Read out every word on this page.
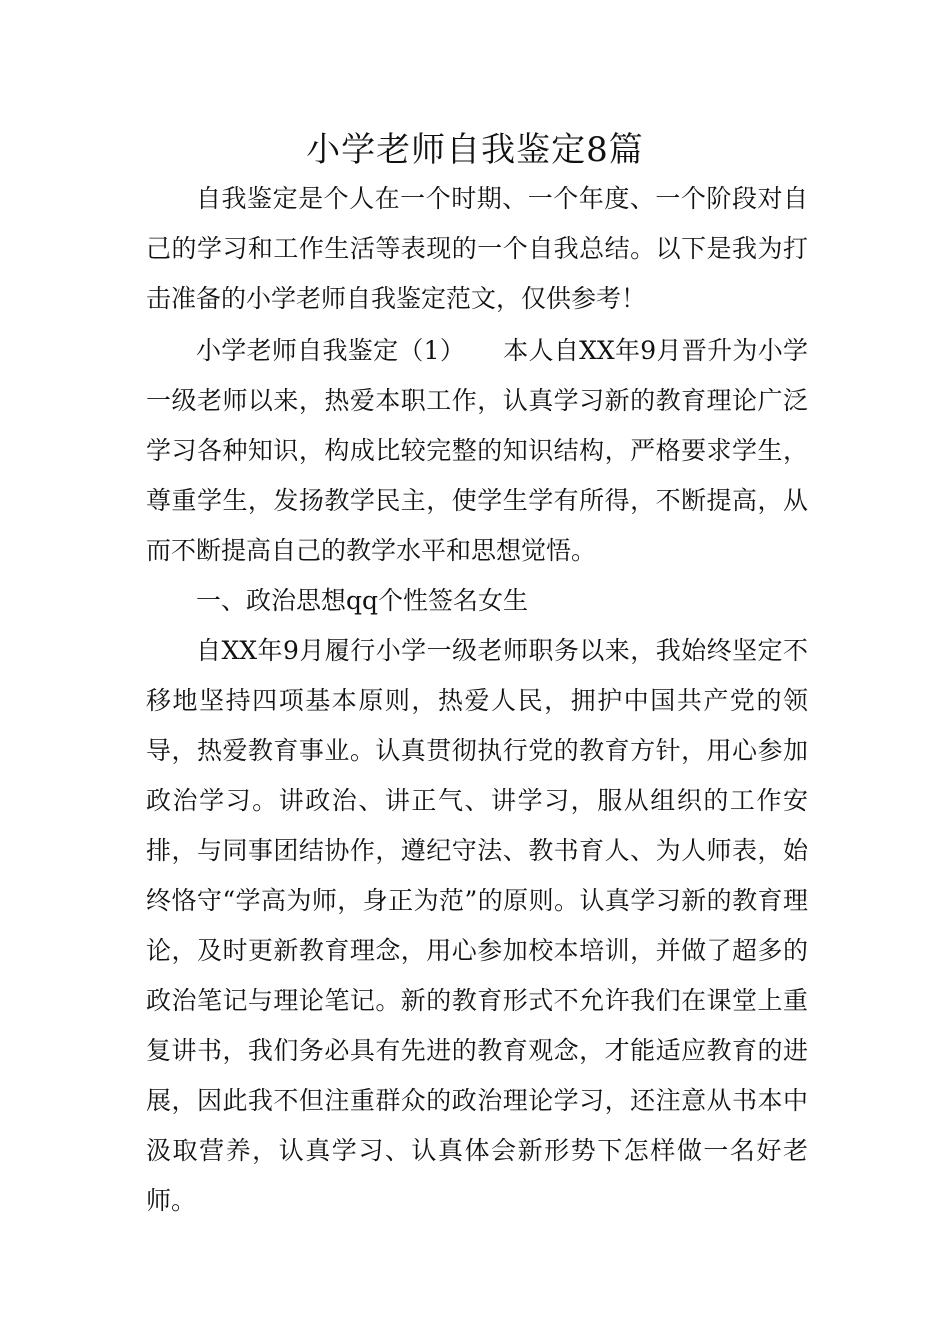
小学老师自我鉴定8篇

自我鉴定是个人在一个时期、一个年度、一个阶段对自己的学习和工作生活等表现的一个自我总结。以下是我为打击准备的小学老师自我鉴定范文，仅供参考！

小学老师自我鉴定（1）　　本人自XX年9月晋升为小学一级老师以来，热爱本职工作，认真学习新的教育理论广泛学习各种知识，构成比较完整的知识结构，严格要求学生，尊重学生，发扬教学民主，使学生学有所得，不断提高，从而不断提高自己的教学水平和思想觉悟。

一、政治思想qq个性签名女生

自XX年9月履行小学一级老师职务以来，我始终坚定不移地坚持四项基本原则，热爱人民，拥护中国共产党的领导，热爱教育事业。认真贯彻执行党的教育方针，用心参加政治学习。讲政治、讲正气、讲学习，服从组织的工作安排，与同事团结协作，遵纪守法、教书育人、为人师表，始终恪守“学高为师，身正为范”的原则。认真学习新的教育理论，及时更新教育理念，用心参加校本培训，并做了超多的政治笔记与理论笔记。新的教育形式不允许我们在课堂上重复讲书，我们务必具有先进的教育观念，才能适应教育的进展，因此我不但注重群众的政治理论学习，还注意从书本中汲取营养，认真学习、认真体会新形势下怎样做一名好老师。
